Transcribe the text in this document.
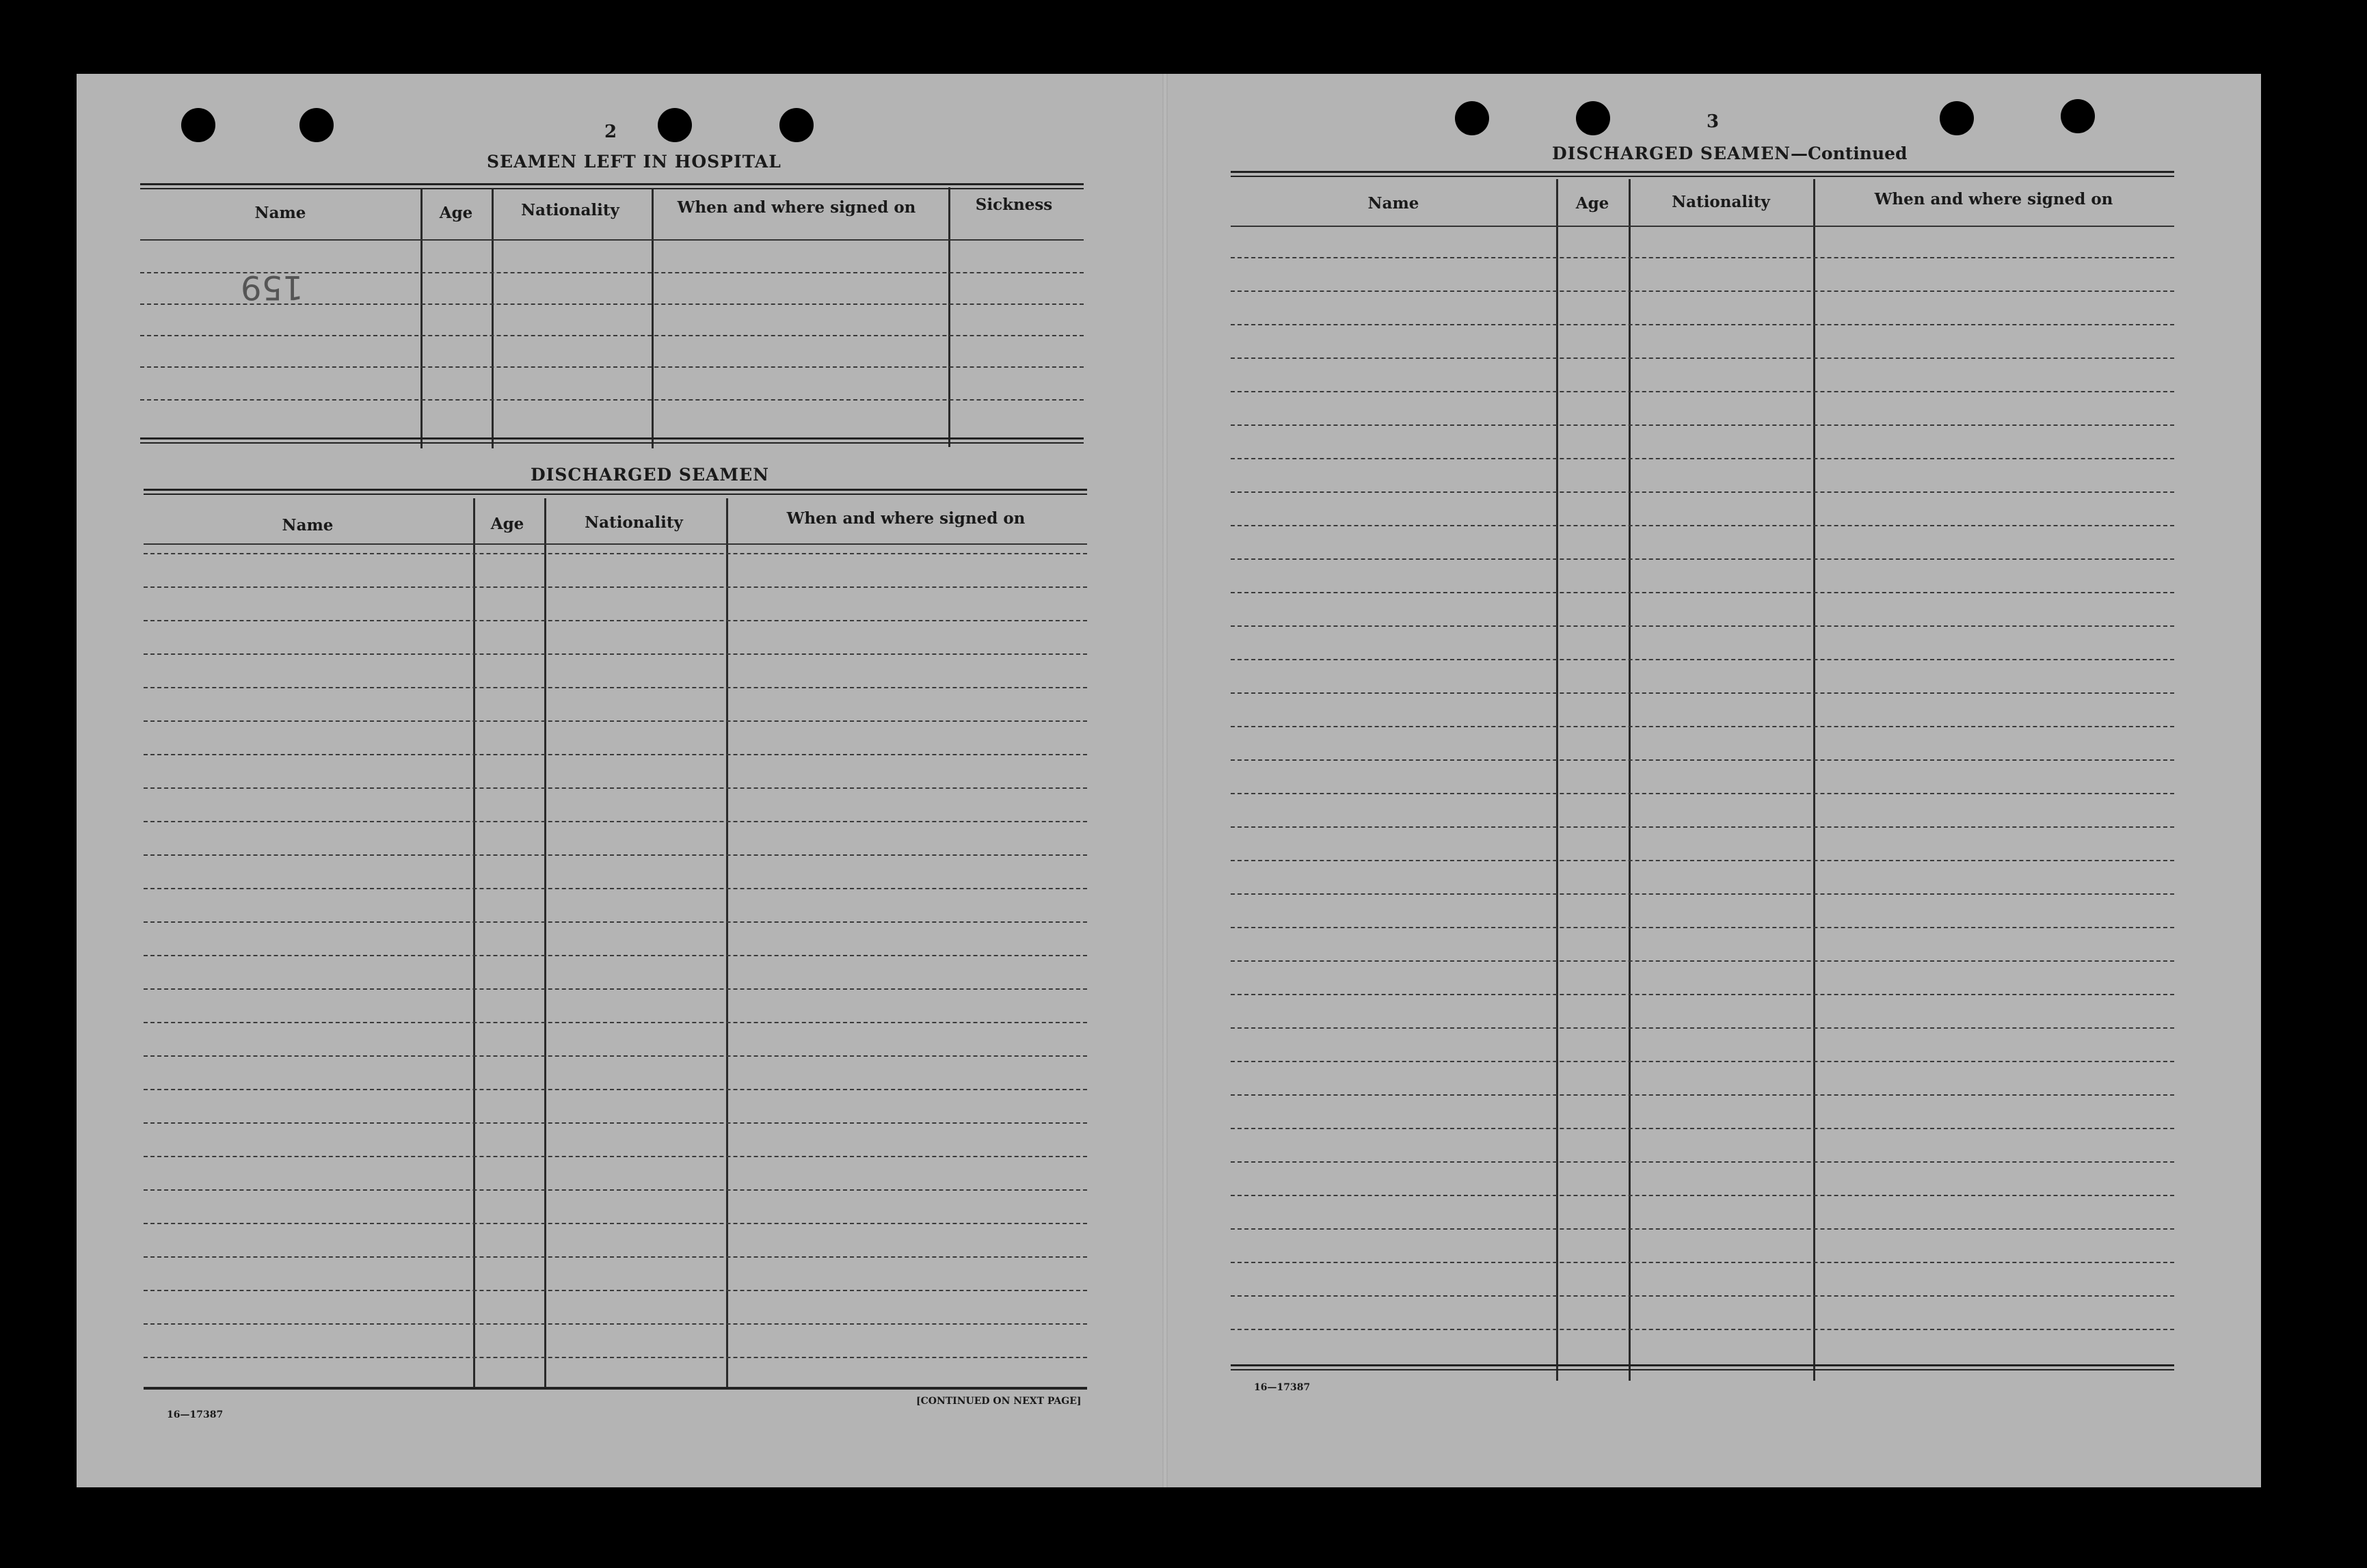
2
SEAMEN LEFT IN HOSPITAL
Name	Age	Nationality	When and where signed on	Sickness
159
DISCHARGED SEAMEN
Name	Age	Nationality	When and where signed on
16—17387
[CONTINUED ON NEXT PAGE]
3
DISCHARGED SEAMEN—Continued
Name	Age	Nationality	When and where signed on
16—17387
